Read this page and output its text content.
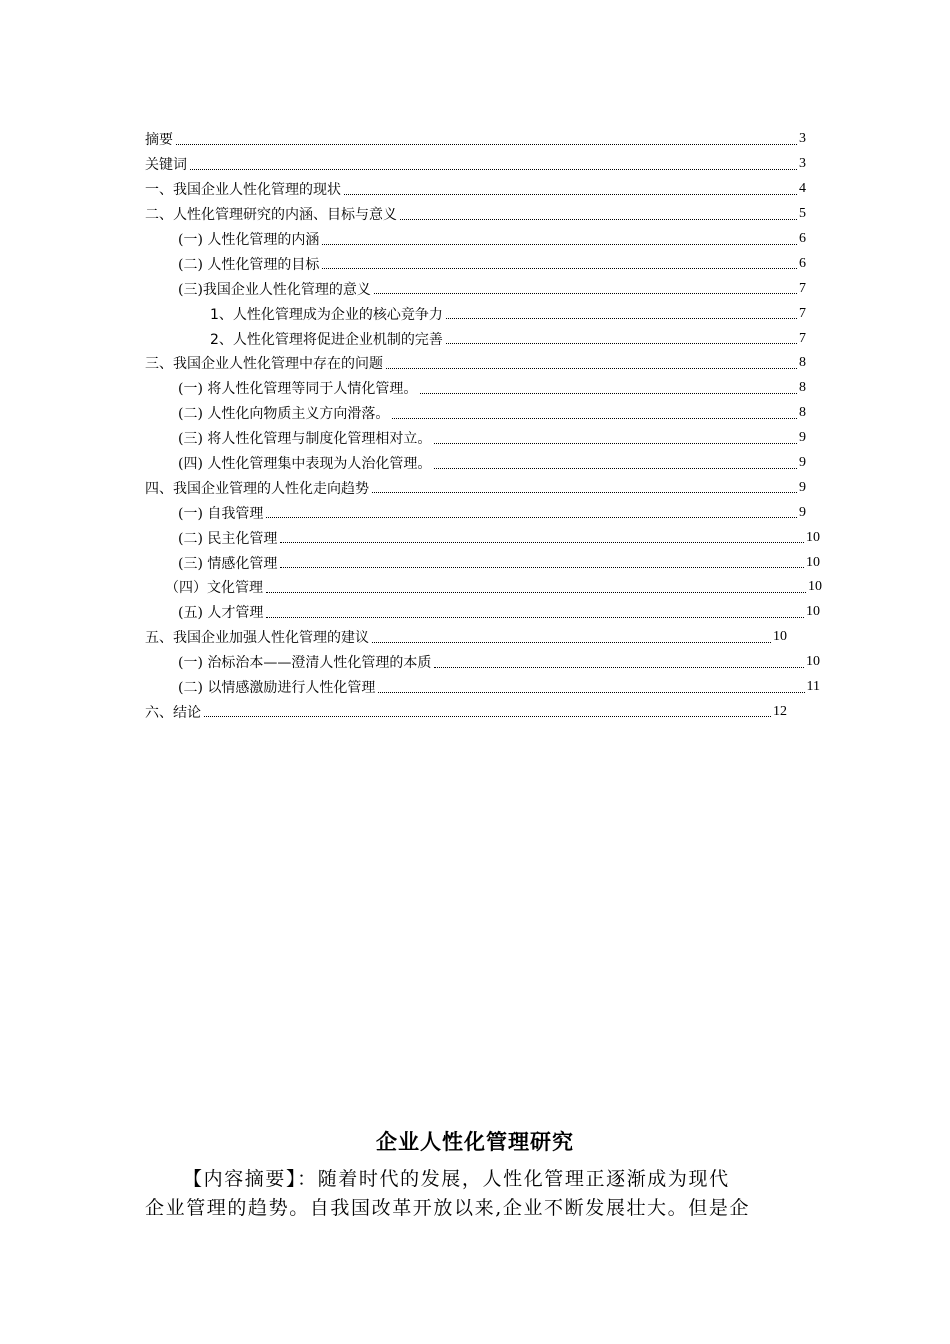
摘要	3
关键词	3
一、我国企业人性化管理的现状	4
二、人性化管理研究的内涵、目标与意义	5
(一) 人性化管理的内涵	6
(二) 人性化管理的目标	6
(三)我国企业人性化管理的意义	7
1、人性化管理成为企业的核心竞争力	7
2、人性化管理将促进企业机制的完善	7
三、我国企业人性化管理中存在的问题	8
(一) 将人性化管理等同于人情化管理。	8
(二) 人性化向物质主义方向滑落。	8
(三) 将人性化管理与制度化管理相对立。	9
(四) 人性化管理集中表现为人治化管理。	9
四、我国企业管理的人性化走向趋势	9
(一) 自我管理	9
(二) 民主化管理	10
(三) 情感化管理	10
（四）文化管理	10
(五) 人才管理	10
五、我国企业加强人性化管理的建议	10
(一) 治标治本——澄清人性化管理的本质	10
(二) 以情感激励进行人性化管理	11
六、结论	12
企业人性化管理研究
【内容摘要】：随着时代的发展，人性化管理正逐渐成为现代
企业管理的趋势。自我国改革开放以来,企业不断发展壮大。但是企
